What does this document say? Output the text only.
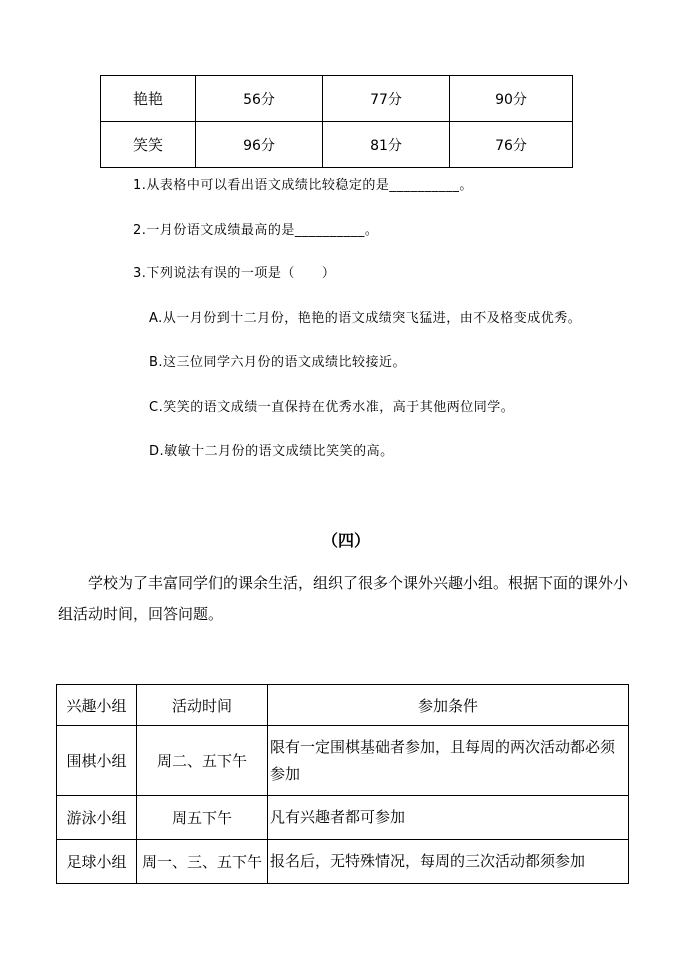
艳艳	56分	77分	90分
笑笑	96分	81分	76分
1.从表格中可以看出语文成绩比较稳定的是__________。
2.一月份语文成绩最高的是__________。
3.下列说法有误的一项是（　　）
A.从一月份到十二月份，艳艳的语文成绩突飞猛进，由不及格变成优秀。
B.这三位同学六月份的语文成绩比较接近。
C.笑笑的语文成绩一直保持在优秀水准，高于其他两位同学。
D.敏敏十二月份的语文成绩比笑笑的高。
（四）
学校为了丰富同学们的课余生活，组织了很多个课外兴趣小组。根据下面的课外小组活动时间，回答问题。
兴趣小组	活动时间	参加条件
围棋小组	周二、五下午	限有一定围棋基础者参加，且每周的两次活动都必须参加
游泳小组	周五下午	凡有兴趣者都可参加
足球小组	周一、三、五下午	报名后，无特殊情况，每周的三次活动都须参加
